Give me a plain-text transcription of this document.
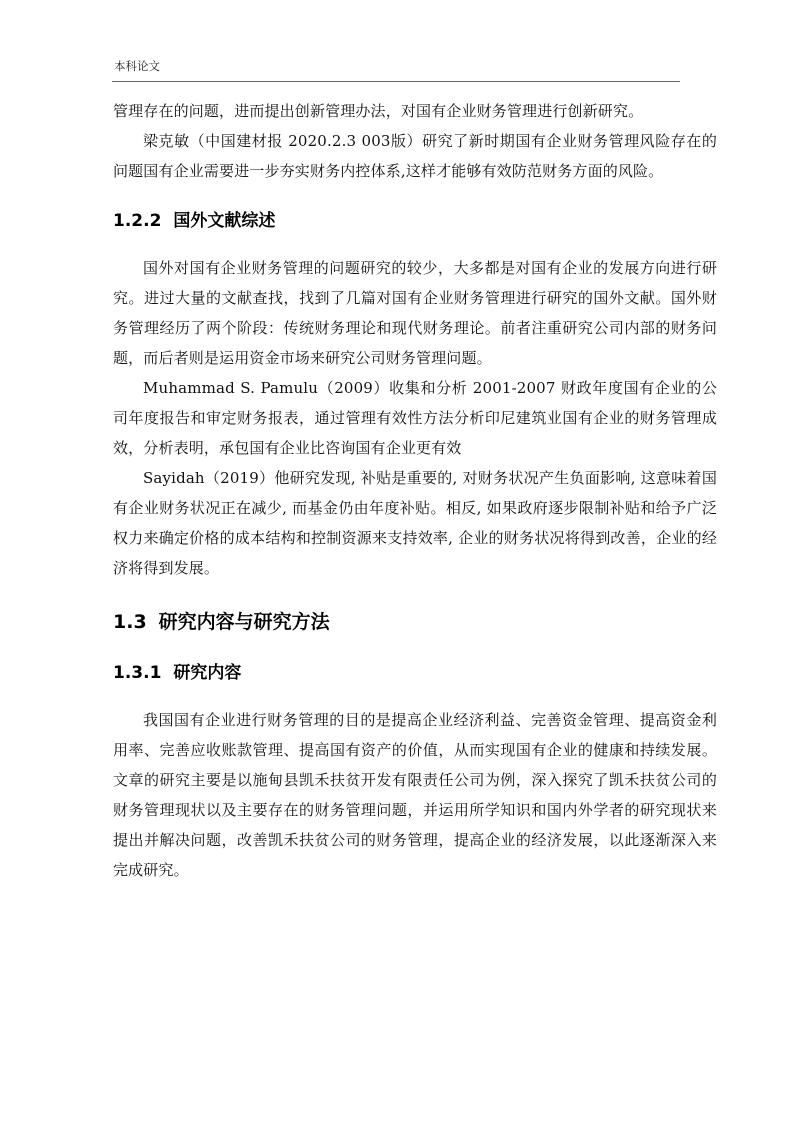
本科论文

管理存在的问题，进而提出创新管理办法，对国有企业财务管理进行创新研究。

梁克敏（中国建材报 2020.2.3 003版）研究了新时期国有企业财务管理风险存在的问题国有企业需要进一步夯实财务内控体系,这样才能够有效防范财务方面的风险。

1.2.2 国外文献综述

国外对国有企业财务管理的问题研究的较少，大多都是对国有企业的发展方向进行研究。进过大量的文献查找，找到了几篇对国有企业财务管理进行研究的国外文献。国外财务管理经历了两个阶段：传统财务理论和现代财务理论。前者注重研究公司内部的财务问题，而后者则是运用资金市场来研究公司财务管理问题。

Muhammad S. Pamulu（2009）收集和分析 2001-2007 财政年度国有企业的公司年度报告和审定财务报表，通过管理有效性方法分析印尼建筑业国有企业的财务管理成效，分析表明，承包国有企业比咨询国有企业更有效

Sayidah（2019）他研究发现, 补贴是重要的, 对财务状况产生负面影响, 这意味着国有企业财务状况正在减少, 而基金仍由年度补贴。相反, 如果政府逐步限制补贴和给予广泛权力来确定价格的成本结构和控制资源来支持效率, 企业的财务状况将得到改善，企业的经济将得到发展。

1.3 研究内容与研究方法
1.3.1 研究内容

我国国有企业进行财务管理的目的是提高企业经济利益、完善资金管理、提高资金利用率、完善应收账款管理、提高国有资产的价值，从而实现国有企业的健康和持续发展。文章的研究主要是以施甸县凯禾扶贫开发有限责任公司为例，深入探究了凯禾扶贫公司的财务管理现状以及主要存在的财务管理问题，并运用所学知识和国内外学者的研究现状来提出并解决问题，改善凯禾扶贫公司的财务管理，提高企业的经济发展，以此逐渐深入来完成研究。
